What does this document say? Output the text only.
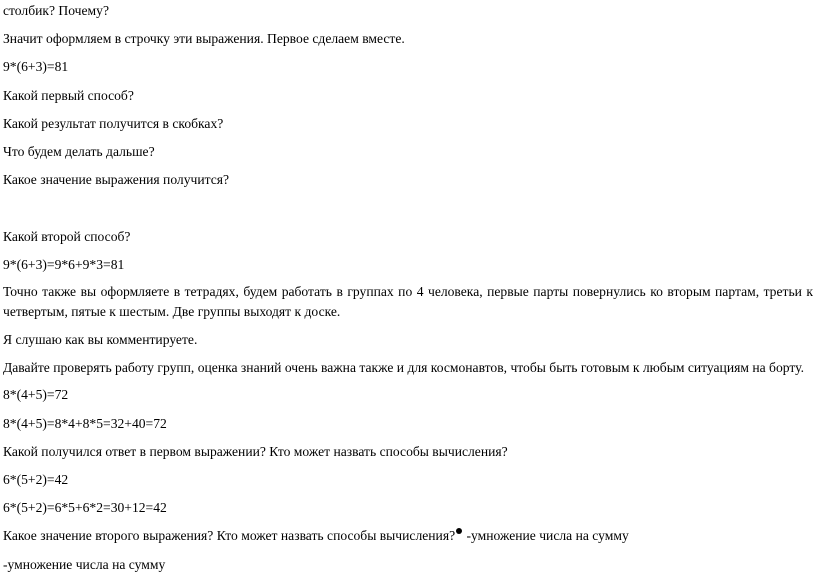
столбик? Почему?
Значит оформляем в строчку эти выражения. Первое сделаем вместе.
9*(6+3)=81
Какой первый способ?
Какой результат получится в скобках?
Что будем делать дальше?
Какое значение выражения получится?
Какой второй способ?
9*(6+3)=9*6+9*3=81
Точно также вы оформляете в тетрадях, будем работать в группах по 4 человека, первые парты повернулись ко вторым партам, третьи к четвертым, пятые к шестым. Две группы выходят к доске.
Я слушаю как вы комментируете.
Давайте проверять работу групп, оценка знаний очень важна также и для космонавтов, чтобы быть готовым к любым ситуациям на борту.
8*(4+5)=72
8*(4+5)=8*4+8*5=32+40=72
Какой получился ответ в первом выражении? Кто может назвать способы вычисления?
6*(5+2)=42
6*(5+2)=6*5+6*2=30+12=42
Какое значение второго выражения? Кто может назвать способы вычисления? -умножение числа на сумму
-умножение числа на сумму
